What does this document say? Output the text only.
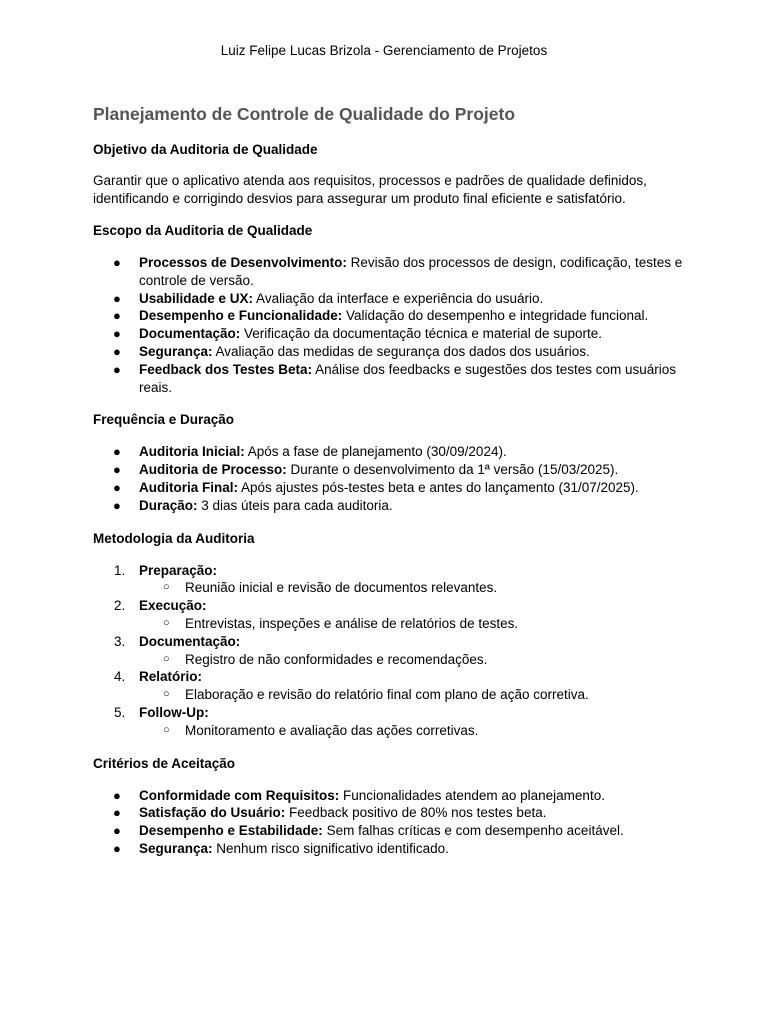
Luiz Felipe Lucas Brizola - Gerenciamento de Projetos
Planejamento de Controle de Qualidade do Projeto
Objetivo da Auditoria de Qualidade

Garantir que o aplicativo atenda aos requisitos, processos e padrões de qualidade definidos, identificando e corrigindo desvios para assegurar um produto final eficiente e satisfatório.

Escopo da Auditoria de Qualidade
● Processos de Desenvolvimento: Revisão dos processos de design, codificação, testes e controle de versão.
● Usabilidade e UX: Avaliação da interface e experiência do usuário.
● Desempenho e Funcionalidade: Validação do desempenho e integridade funcional.
● Documentação: Verificação da documentação técnica e material de suporte.
● Segurança: Avaliação das medidas de segurança dos dados dos usuários.
● Feedback dos Testes Beta: Análise dos feedbacks e sugestões dos testes com usuários reais.
Frequência e Duração
● Auditoria Inicial: Após a fase de planejamento (30/09/2024).
● Auditoria de Processo: Durante o desenvolvimento da 1ª versão (15/03/2025).
● Auditoria Final: Após ajustes pós-testes beta e antes do lançamento (31/07/2025).
● Duração: 3 dias úteis para cada auditoria.
Metodologia da Auditoria
1.	Preparação:
○ Reunião inicial e revisão de documentos relevantes.
2.	Execução:
○ Entrevistas, inspeções e análise de relatórios de testes.
3.	Documentação:
○ Registro de não conformidades e recomendações.
4.	Relatório:
○ Elaboração e revisão do relatório final com plano de ação corretiva.
5.	Follow-Up:
○ Monitoramento e avaliação das ações corretivas.
Critérios de Aceitação
● Conformidade com Requisitos: Funcionalidades atendem ao planejamento.
● Satisfação do Usuário: Feedback positivo de 80% nos testes beta.
● Desempenho e Estabilidade: Sem falhas críticas e com desempenho aceitável.
● Segurança: Nenhum risco significativo identificado.
